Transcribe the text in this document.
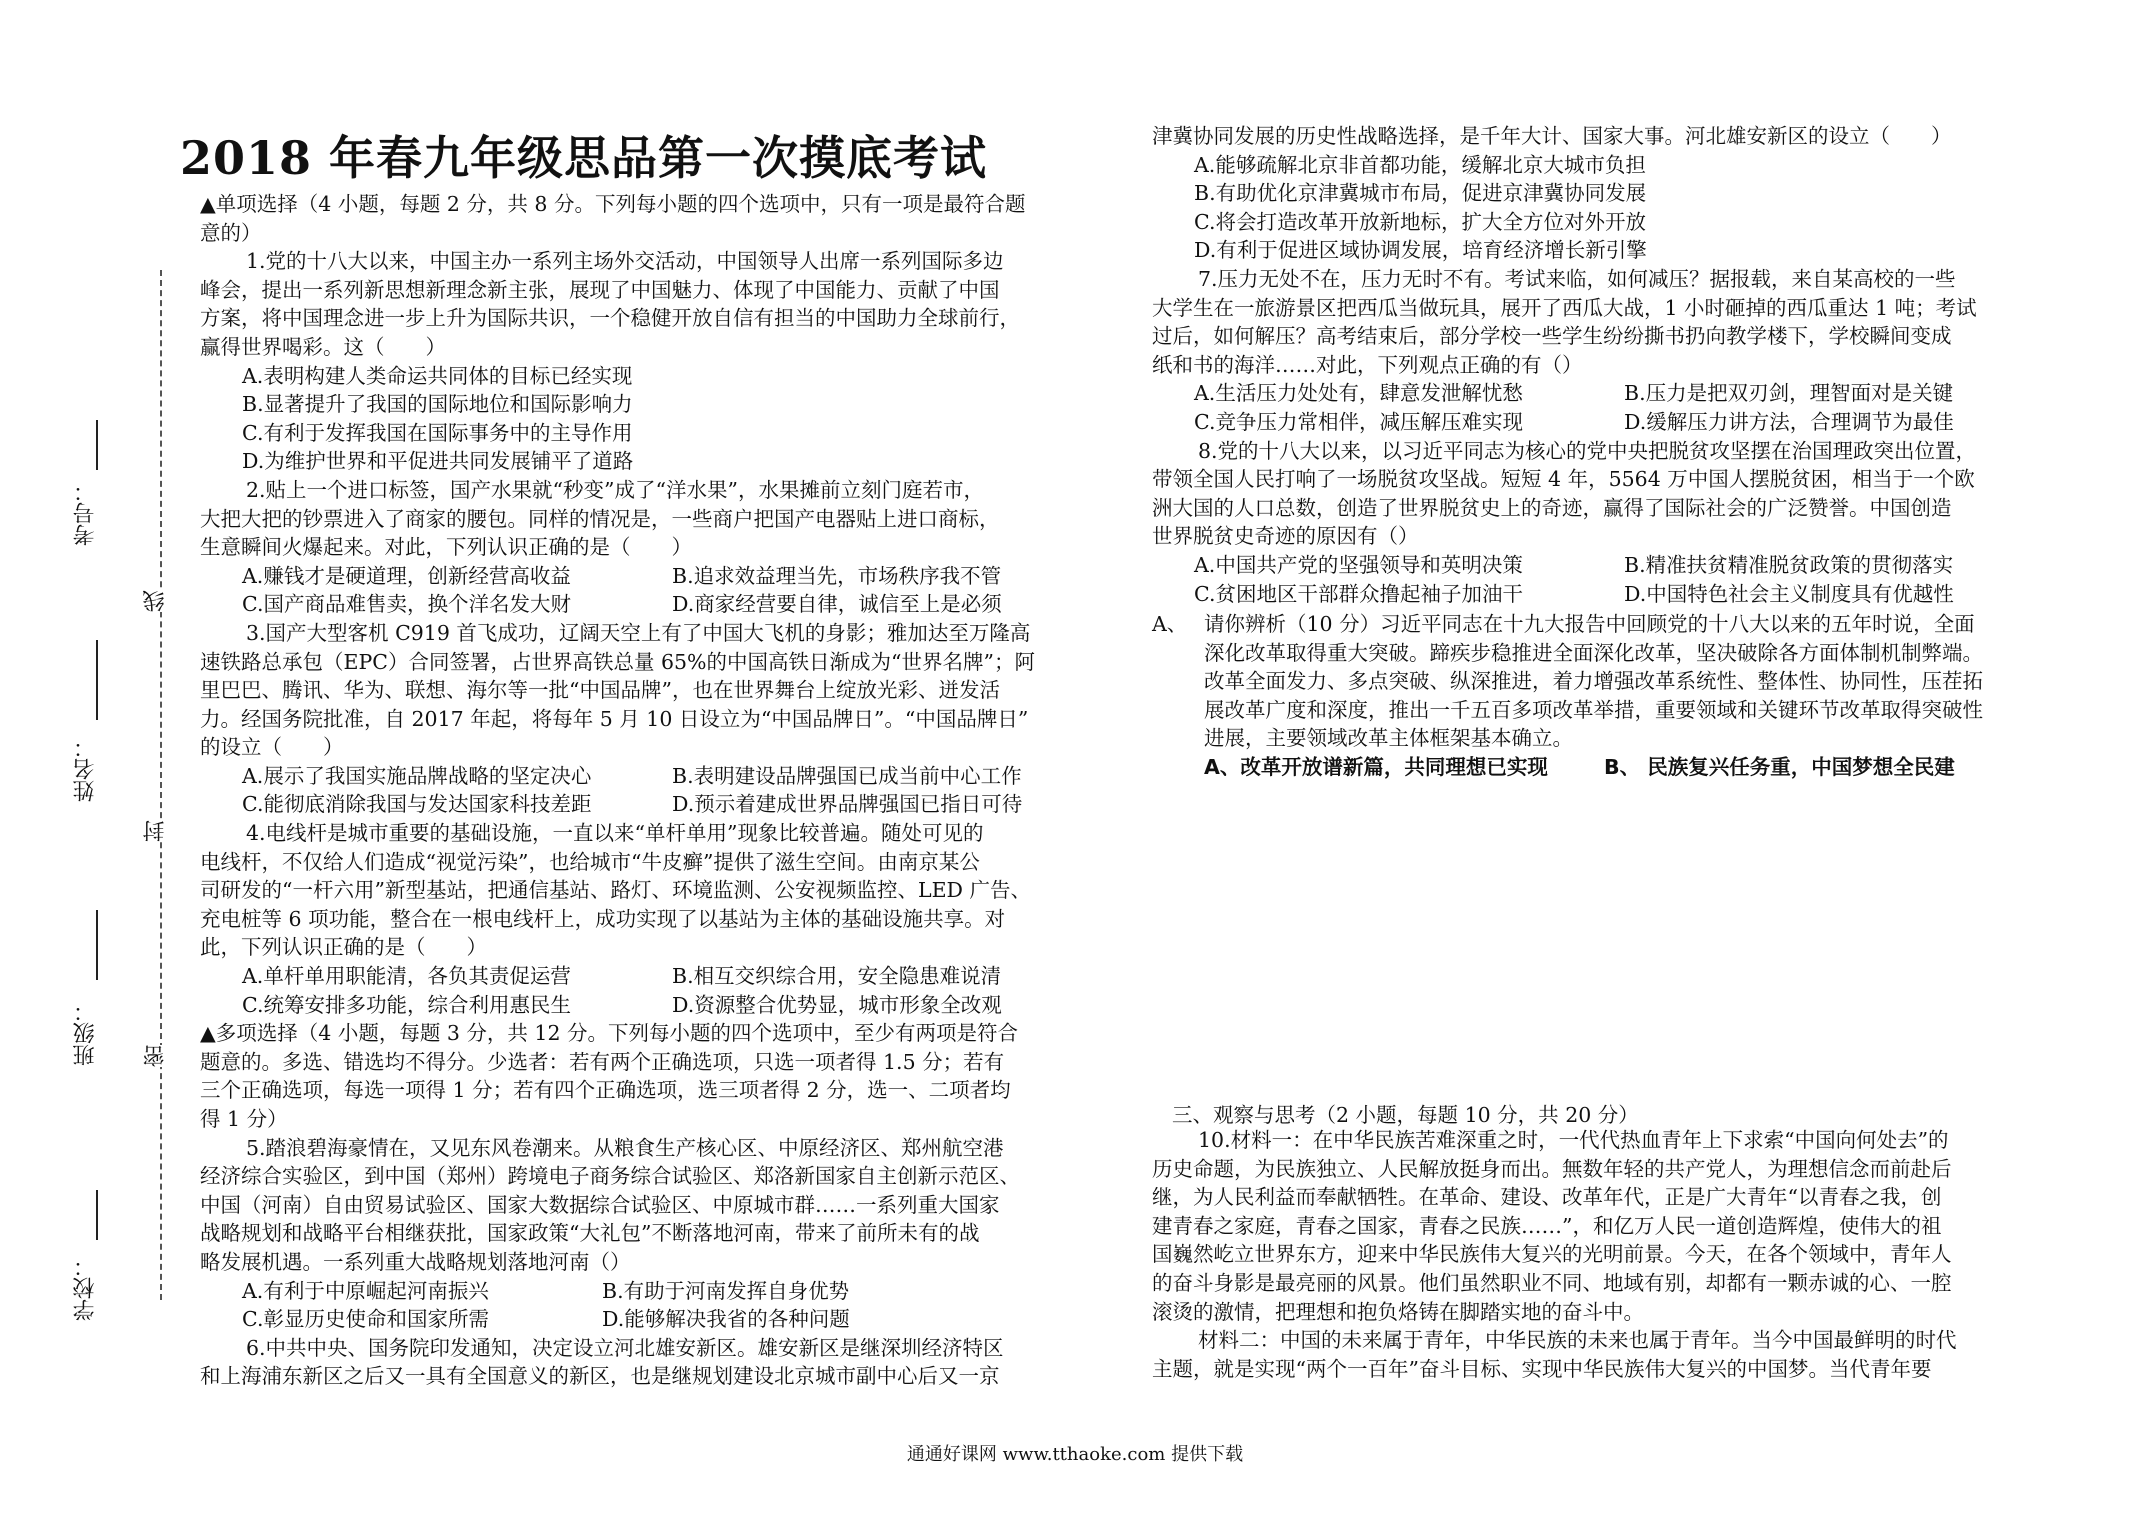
考号：
姓名：
班级：
学校：
线
封
密
2018 年春九年级思品第一次摸底考试

▲单项选择（4 小题，每题 2 分，共 8 分。下列每小题的四个选项中，只有一项是最符合题

意的）

1.党的十八大以来，中国主办一系列主场外交活动，中国领导人出席一系列国际多边

峰会，提出一系列新思想新理念新主张，展现了中国魅力、体现了中国能力、贡献了中国

方案，将中国理念进一步上升为国际共识，一个稳健开放自信有担当的中国助力全球前行，

赢得世界喝彩。这（　　）

A.表明构建人类命运共同体的目标已经实现

B.显著提升了我国的国际地位和国际影响力

C.有利于发挥我国在国际事务中的主导作用

D.为维护世界和平促进共同发展铺平了道路

2.贴上一个进口标签，国产水果就“秒变”成了“洋水果”，水果摊前立刻门庭若市，

大把大把的钞票进入了商家的腰包。同样的情况是，一些商户把国产电器贴上进口商标，

生意瞬间火爆起来。对此，下列认识正确的是（　　）

A.赚钱才是硬道理，创新经营高收益	B.追求效益理当先，市场秩序我不管

C.国产商品难售卖，换个洋名发大财	D.商家经营要自律，诚信至上是必须

3.国产大型客机 C919 首飞成功，辽阔天空上有了中国大飞机的身影；雅加达至万隆高

速铁路总承包（EPC）合同签署，占世界高铁总量 65%的中国高铁日渐成为“世界名牌”；阿

里巴巴、腾讯、华为、联想、海尔等一批“中国品牌”，也在世界舞台上绽放光彩、迸发活

力。经国务院批准，自 2017 年起，将每年 5 月 10 日设立为“中国品牌日”。“中国品牌日”

的设立（　　）

A.展示了我国实施品牌战略的坚定决心	B.表明建设品牌强国已成当前中心工作

C.能彻底消除我国与发达国家科技差距	D.预示着建成世界品牌强国已指日可待

4.电线杆是城市重要的基础设施，一直以来“单杆单用”现象比较普遍。随处可见的

电线杆，不仅给人们造成“视觉污染”，也给城市“牛皮癣”提供了滋生空间。由南京某公

司研发的“一杆六用”新型基站，把通信基站、路灯、环境监测、公安视频监控、LED 广告、

充电桩等 6 项功能，整合在一根电线杆上，成功实现了以基站为主体的基础设施共享。对

此，下列认识正确的是（　　）

A.单杆单用职能清，各负其责促运营	B.相互交织综合用，安全隐患难说清

C.统筹安排多功能，综合利用惠民生	D.资源整合优势显，城市形象全改观

▲多项选择（4 小题，每题 3 分，共 12 分。下列每小题的四个选项中，至少有两项是符合

题意的。多选、错选均不得分。少选者：若有两个正确选项，只选一项者得 1.5 分；若有

三个正确选项，每选一项得 1 分；若有四个正确选项，选三项者得 2 分，选一、二项者均

得 1 分）

5.踏浪碧海豪情在，又见东风卷潮来。从粮食生产核心区、中原经济区、郑州航空港

经济综合实验区，到中国（郑州）跨境电子商务综合试验区、郑洛新国家自主创新示范区、

中国（河南）自由贸易试验区、国家大数据综合试验区、中原城市群……一系列重大国家

战略规划和战略平台相继获批，国家政策“大礼包”不断落地河南，带来了前所未有的战

略发展机遇。一系列重大战略规划落地河南（）

A.有利于中原崛起河南振兴	B.有助于河南发挥自身优势

C.彰显历史使命和国家所需	D.能够解决我省的各种问题

6.中共中央、国务院印发通知，决定设立河北雄安新区。雄安新区是继深圳经济特区

和上海浦东新区之后又一具有全国意义的新区，也是继规划建设北京城市副中心后又一京

津冀协同发展的历史性战略选择，是千年大计、国家大事。河北雄安新区的设立（　　）

A.能够疏解北京非首都功能，缓解北京大城市负担

B.有助优化京津冀城市布局，促进京津冀协同发展

C.将会打造改革开放新地标，扩大全方位对外开放

D.有利于促进区域协调发展，培育经济增长新引擎

7.压力无处不在，压力无时不有。考试来临，如何减压？据报载，来自某高校的一些

大学生在一旅游景区把西瓜当做玩具，展开了西瓜大战，1 小时砸掉的西瓜重达 1 吨；考试

过后，如何解压？高考结束后，部分学校一些学生纷纷撕书扔向教学楼下，学校瞬间变成

纸和书的海洋……对此，下列观点正确的有（）

A.生活压力处处有，肆意发泄解忧愁	B.压力是把双刃剑，理智面对是关键

C.竞争压力常相伴，减压解压难实现	D.缓解压力讲方法，合理调节为最佳

8.党的十八大以来，以习近平同志为核心的党中央把脱贫攻坚摆在治国理政突出位置，

带领全国人民打响了一场脱贫攻坚战。短短 4 年，5564 万中国人摆脱贫困，相当于一个欧

洲大国的人口总数，创造了世界脱贫史上的奇迹，赢得了国际社会的广泛赞誉。中国创造

世界脱贫史奇迹的原因有（）

A.中国共产党的坚强领导和英明决策	B.精准扶贫精准脱贫政策的贯彻落实

C.贫困地区干部群众撸起袖子加油干	D.中国特色社会主义制度具有优越性

A、 请你辨析（10 分）习近平同志在十九大报告中回顾党的十八大以来的五年时说，全面

深化改革取得重大突破。蹄疾步稳推进全面深化改革，坚决破除各方面体制机制弊端。

改革全面发力、多点突破、纵深推进，着力增强改革系统性、整体性、协同性，压茬拓

展改革广度和深度，推出一千五百多项改革举措，重要领域和关键环节改革取得突破性

进展，主要领域改革主体框架基本确立。

A、改革开放谱新篇，共同理想已实现	B、 民族复兴任务重，中国梦想全民建

三、观察与思考（2 小题，每题 10 分，共 20 分）

10.材料一：在中华民族苦难深重之时，一代代热血青年上下求索“中国向何处去”的

历史命题，为民族独立、人民解放挺身而出。無数年轻的共产党人，为理想信念而前赴后

继，为人民利益而奉献牺牲。在革命、建设、改革年代，正是广大青年“以青春之我，创

建青春之家庭，青春之国家，青春之民族……”，和亿万人民一道创造辉煌，使伟大的祖

国巍然屹立世界东方，迎来中华民族伟大复兴的光明前景。今天，在各个领域中，青年人

的奋斗身影是最亮丽的风景。他们虽然职业不同、地域有别，却都有一颗赤诚的心、一腔

滚烫的激情，把理想和抱负烙铸在脚踏实地的奋斗中。

材料二：中国的未来属于青年，中华民族的未来也属于青年。当今中国最鲜明的时代

主题，就是实现“两个一百年”奋斗目标、实现中华民族伟大复兴的中国梦。当代青年要

通通好课网 www.tthaoke.com 提供下载
